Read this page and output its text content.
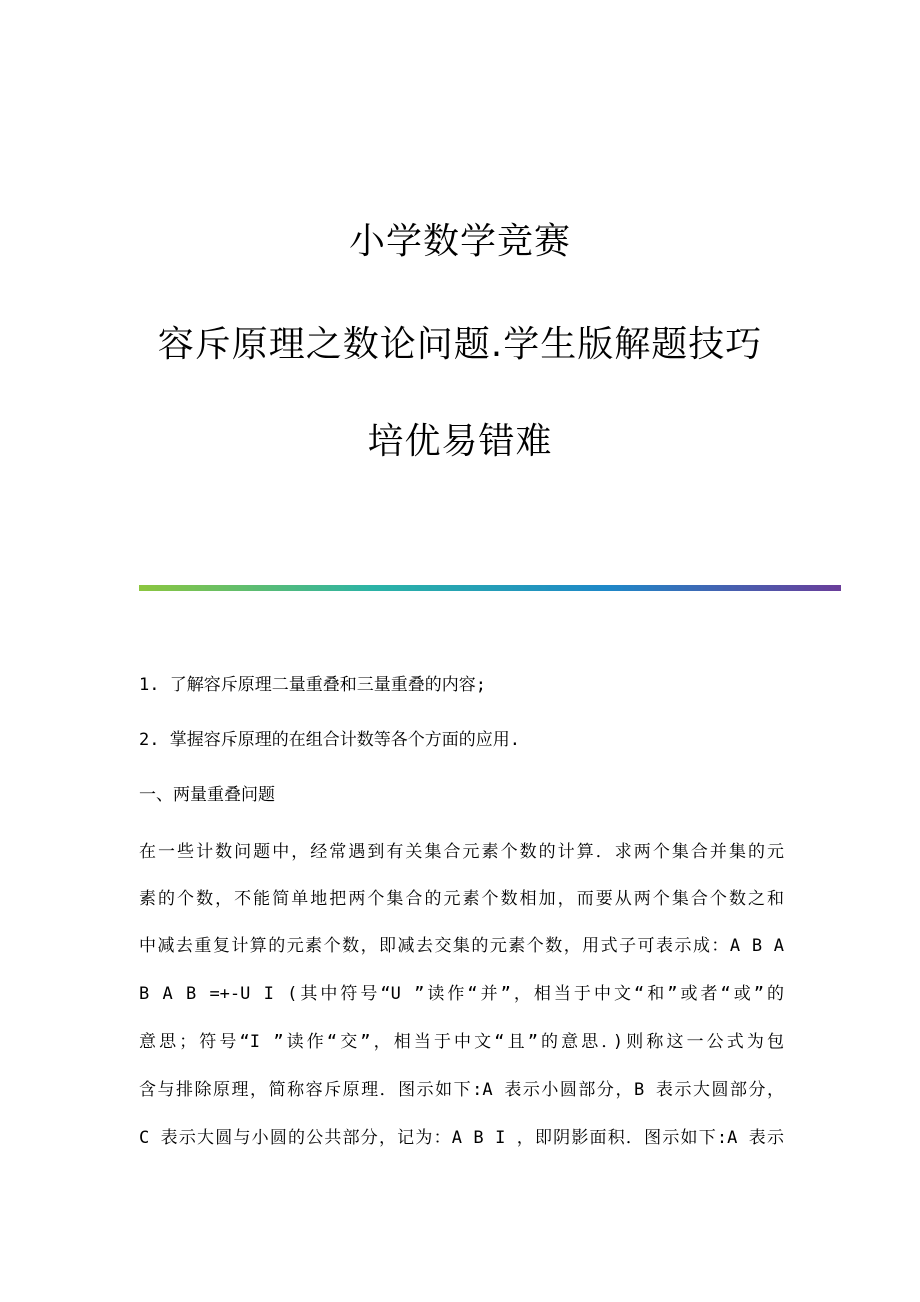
小学数学竞赛
容斥原理之数论问题.学生版解题技巧
培优易错难
1. 了解容斥原理二量重叠和三量重叠的内容;
2. 掌握容斥原理的在组合计数等各个方面的应用.
一、两量重叠问题
在一些计数问题中，经常遇到有关集合元素个数的计算．求两个集合并集的元
素的个数，不能简单地把两个集合的元素个数相加，而要从两个集合个数之和
中减去重复计算的元素个数，即减去交集的元素个数，用式子可表示成：A B A
B A B =+-U I (其中符号“U ”读作“并”，相当于中文“和”或者“或”的
意思；符号“I ”读作“交”，相当于中文“且”的意思．)则称这一公式为包
含与排除原理，简称容斥原理．图示如下:A 表示小圆部分，B 表示大圆部分，
C 表示大圆与小圆的公共部分，记为：A B I ，即阴影面积．图示如下:A 表示
